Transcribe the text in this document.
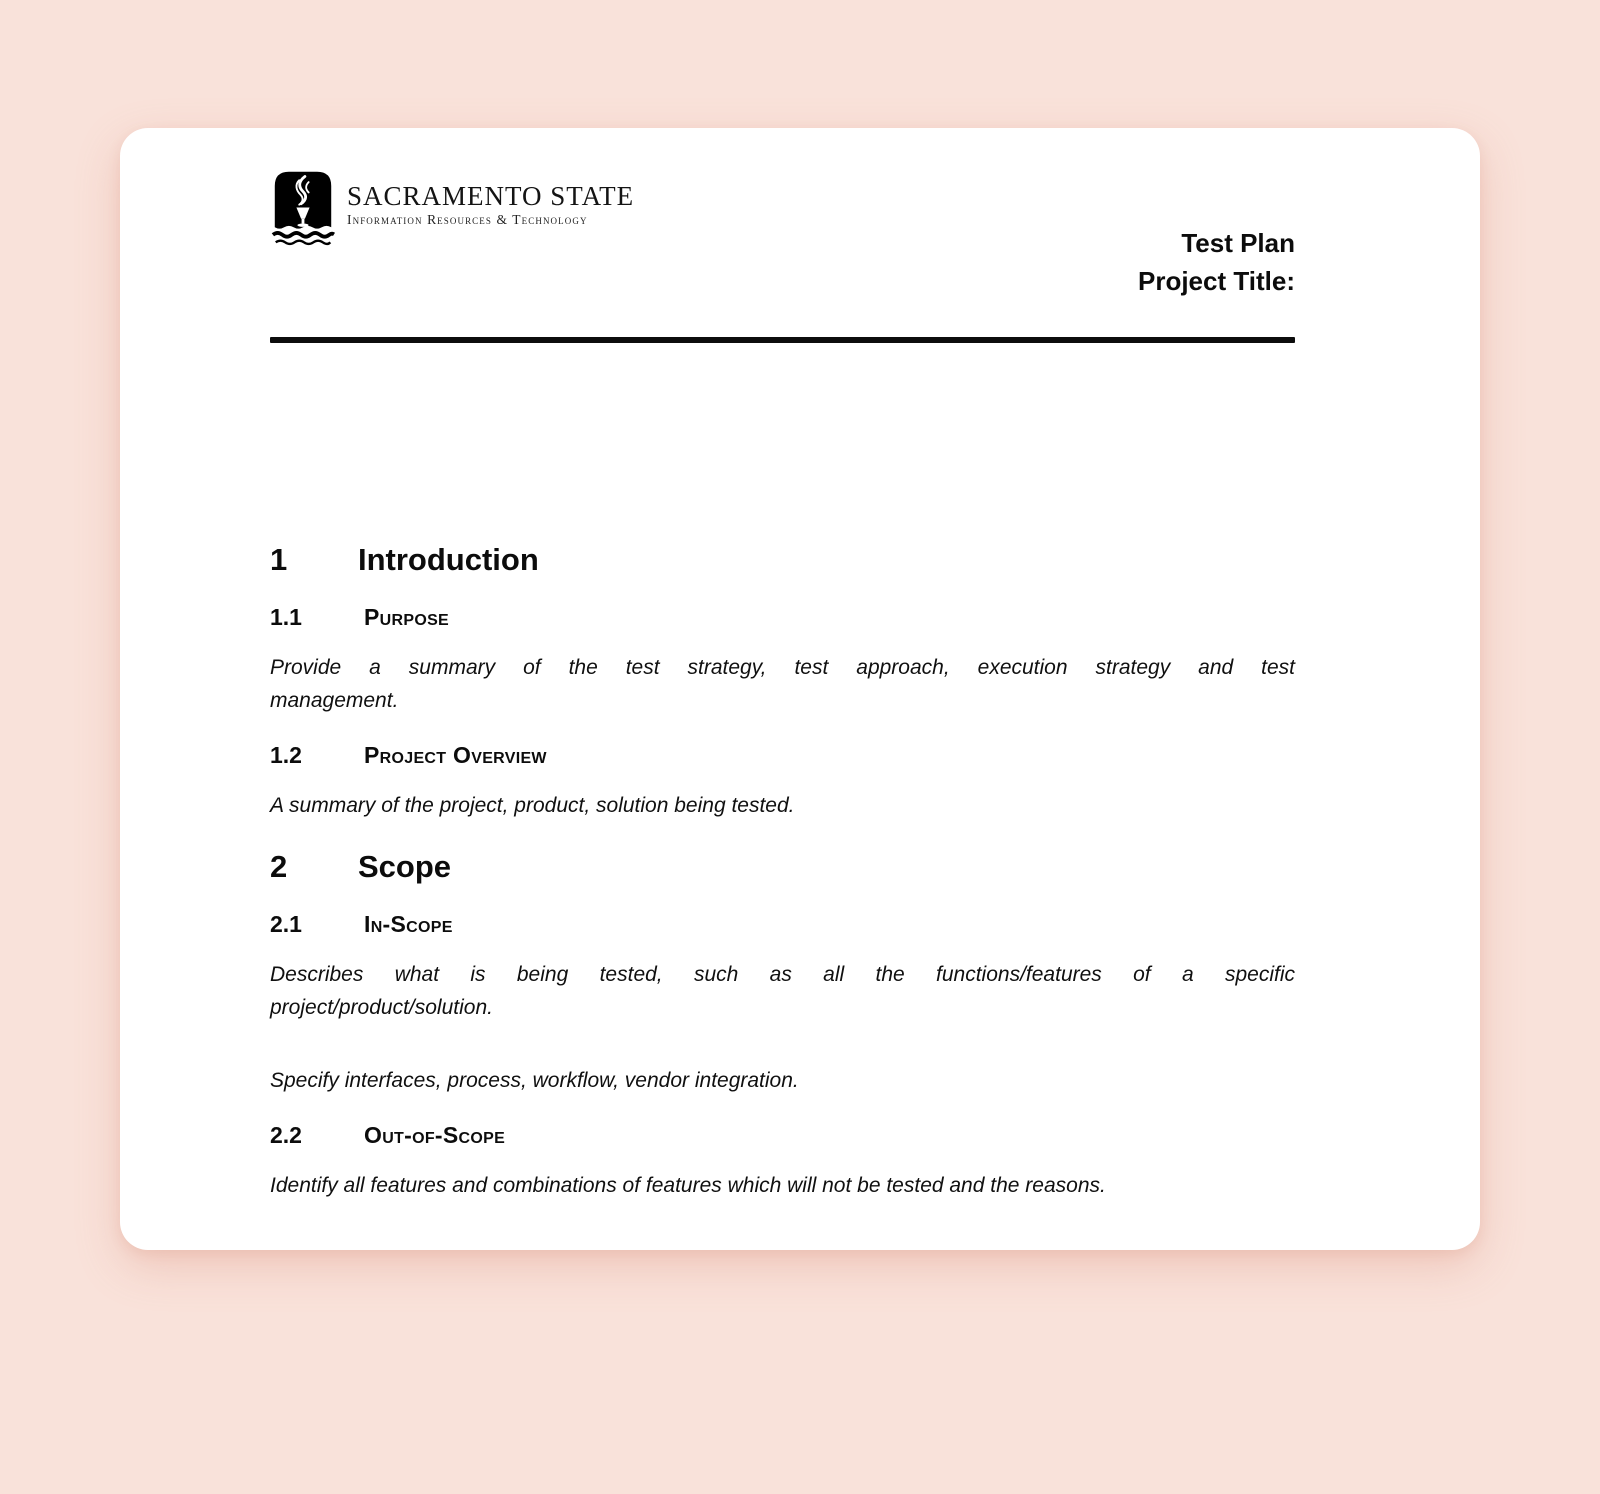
SACRAMENTO STATE
Information Resources & Technology
Test Plan
Project Title:
1 Introduction
1.1	Purpose

Provide a summary of the test strategy, test approach, execution strategy and test

management.

1.2	Project Overview

A summary of the project, product, solution being tested.

2 Scope
2.1	In-Scope

Describes what is being tested, such as all the functions/features of a specific

project/product/solution.

Specify interfaces, process, workflow, vendor integration.

2.2	Out-of-Scope

Identify all features and combinations of features which will not be tested and the reasons.
